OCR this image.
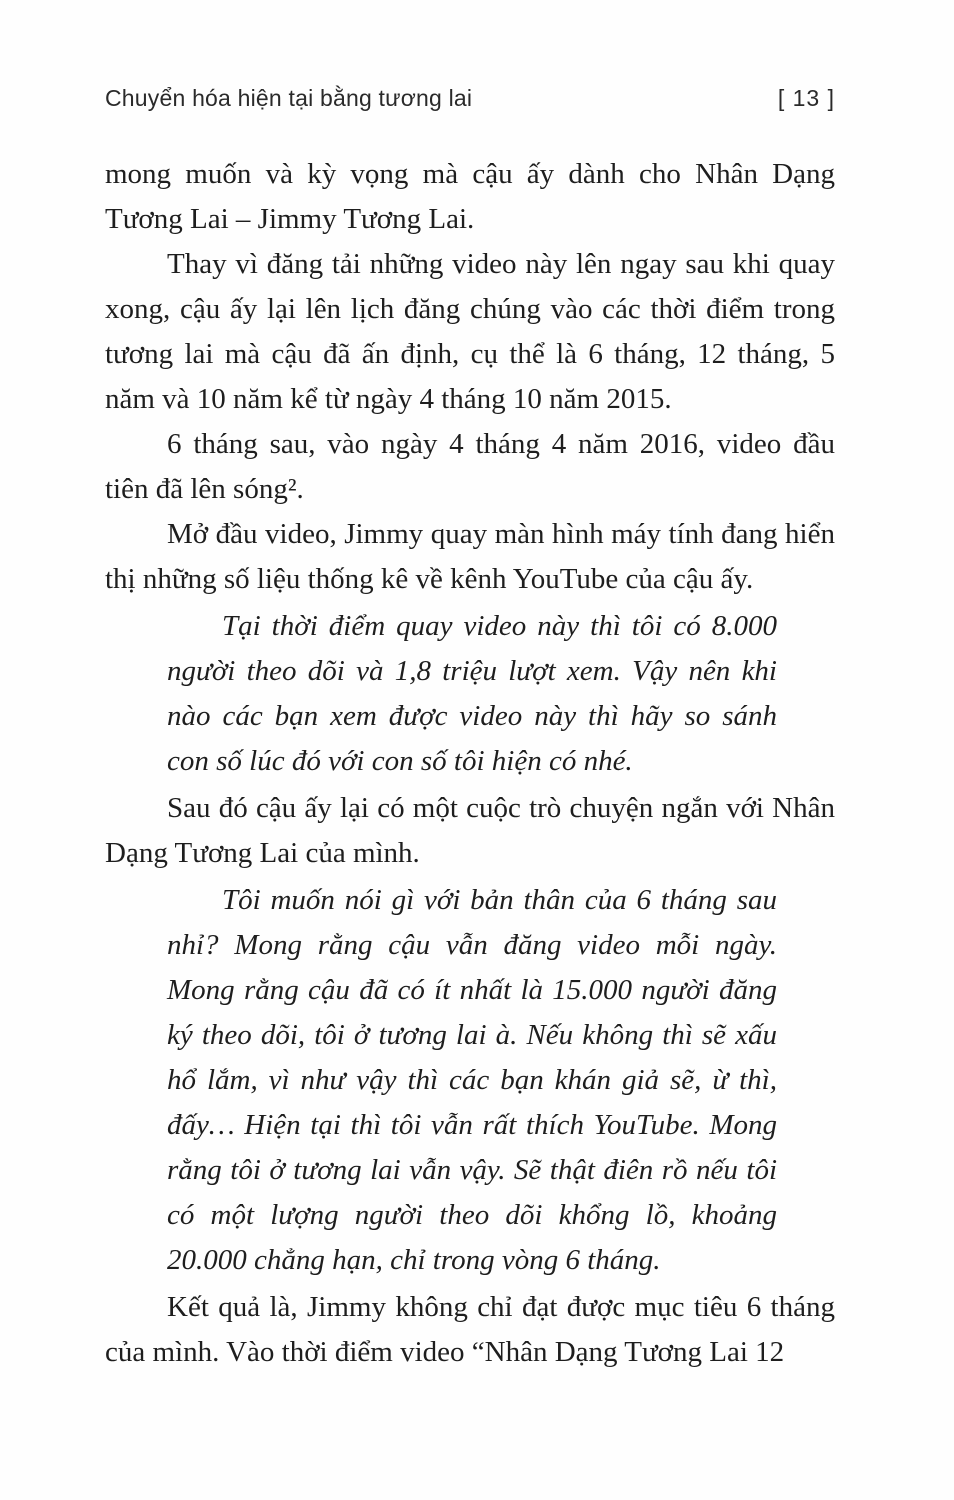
Chuyển hóa hiện tại bằng tương lai	[ 13 ]

mong muốn và kỳ vọng mà cậu ấy dành cho Nhân Dạng Tương Lai – Jimmy Tương Lai.

Thay vì đăng tải những video này lên ngay sau khi quay xong, cậu ấy lại lên lịch đăng chúng vào các thời điểm trong tương lai mà cậu đã ấn định, cụ thể là 6 tháng, 12 tháng, 5 năm và 10 năm kể từ ngày 4 tháng 10 năm 2015.

6 tháng sau, vào ngày 4 tháng 4 năm 2016, video đầu tiên đã lên sóng².

Mở đầu video, Jimmy quay màn hình máy tính đang hiển thị những số liệu thống kê về kênh YouTube của cậu ấy.

Tại thời điểm quay video này thì tôi có 8.000 người theo dõi và 1,8 triệu lượt xem. Vậy nên khi nào các bạn xem được video này thì hãy so sánh con số lúc đó với con số tôi hiện có nhé.

Sau đó cậu ấy lại có một cuộc trò chuyện ngắn với Nhân Dạng Tương Lai của mình.

Tôi muốn nói gì với bản thân của 6 tháng sau nhỉ? Mong rằng cậu vẫn đăng video mỗi ngày. Mong rằng cậu đã có ít nhất là 15.000 người đăng ký theo dõi, tôi ở tương lai à. Nếu không thì sẽ xấu hổ lắm, vì như vậy thì các bạn khán giả sẽ, ừ thì, đấy… Hiện tại thì tôi vẫn rất thích YouTube. Mong rằng tôi ở tương lai vẫn vậy. Sẽ thật điên rồ nếu tôi có một lượng người theo dõi khổng lồ, khoảng 20.000 chẳng hạn, chỉ trong vòng 6 tháng.

Kết quả là, Jimmy không chỉ đạt được mục tiêu 6 tháng của mình. Vào thời điểm video “Nhân Dạng Tương Lai 12
